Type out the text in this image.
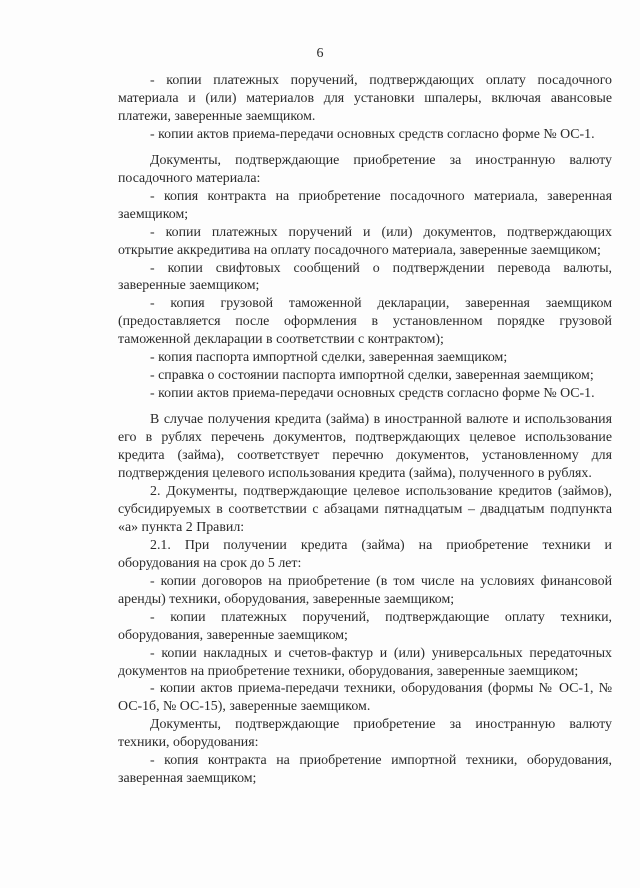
6

- копии платежных поручений, подтверждающих оплату посадочного материала и (или) материалов для установки шпалеры, включая авансовые платежи, заверенные заемщиком.

- копии актов приема-передачи основных средств согласно форме № ОС-1.

Документы, подтверждающие приобретение за иностранную валюту посадочного материала:

- копия контракта на приобретение посадочного материала, заверенная заемщиком;

- копии платежных поручений и (или) документов, подтверждающих открытие аккредитива на оплату посадочного материала, заверенные заемщиком;

- копии свифтовых сообщений о подтверждении перевода валюты, заверенные заемщиком;

- копия грузовой таможенной декларации, заверенная заемщиком (предоставляется после оформления в установленном порядке грузовой таможенной декларации в соответствии с контрактом);

- копия паспорта импортной сделки, заверенная заемщиком;

- справка о состоянии паспорта импортной сделки, заверенная заемщиком;

- копии актов приема-передачи основных средств согласно форме № ОС-1.

В случае получения кредита (займа) в иностранной валюте и использования его в рублях перечень документов, подтверждающих целевое использование кредита (займа), соответствует перечню документов, установленному для подтверждения целевого использования кредита (займа), полученного в рублях.

2. Документы, подтверждающие целевое использование кредитов (займов), субсидируемых в соответствии с абзацами пятнадцатым – двадцатым подпункта «а» пункта 2 Правил:

2.1. При получении кредита (займа) на приобретение техники и оборудования на срок до 5 лет:

- копии договоров на приобретение (в том числе на условиях финансовой аренды) техники, оборудования, заверенные заемщиком;

- копии платежных поручений, подтверждающие оплату техники, оборудования, заверенные заемщиком;

- копии накладных и счетов-фактур и (или) универсальных передаточных документов на приобретение техники, оборудования, заверенные заемщиком;

- копии актов приема-передачи техники, оборудования (формы № ОС-1, № ОС-1б, № ОС-15), заверенные заемщиком.

Документы, подтверждающие приобретение за иностранную валюту техники, оборудования:

- копия контракта на приобретение импортной техники, оборудования, заверенная заемщиком;
